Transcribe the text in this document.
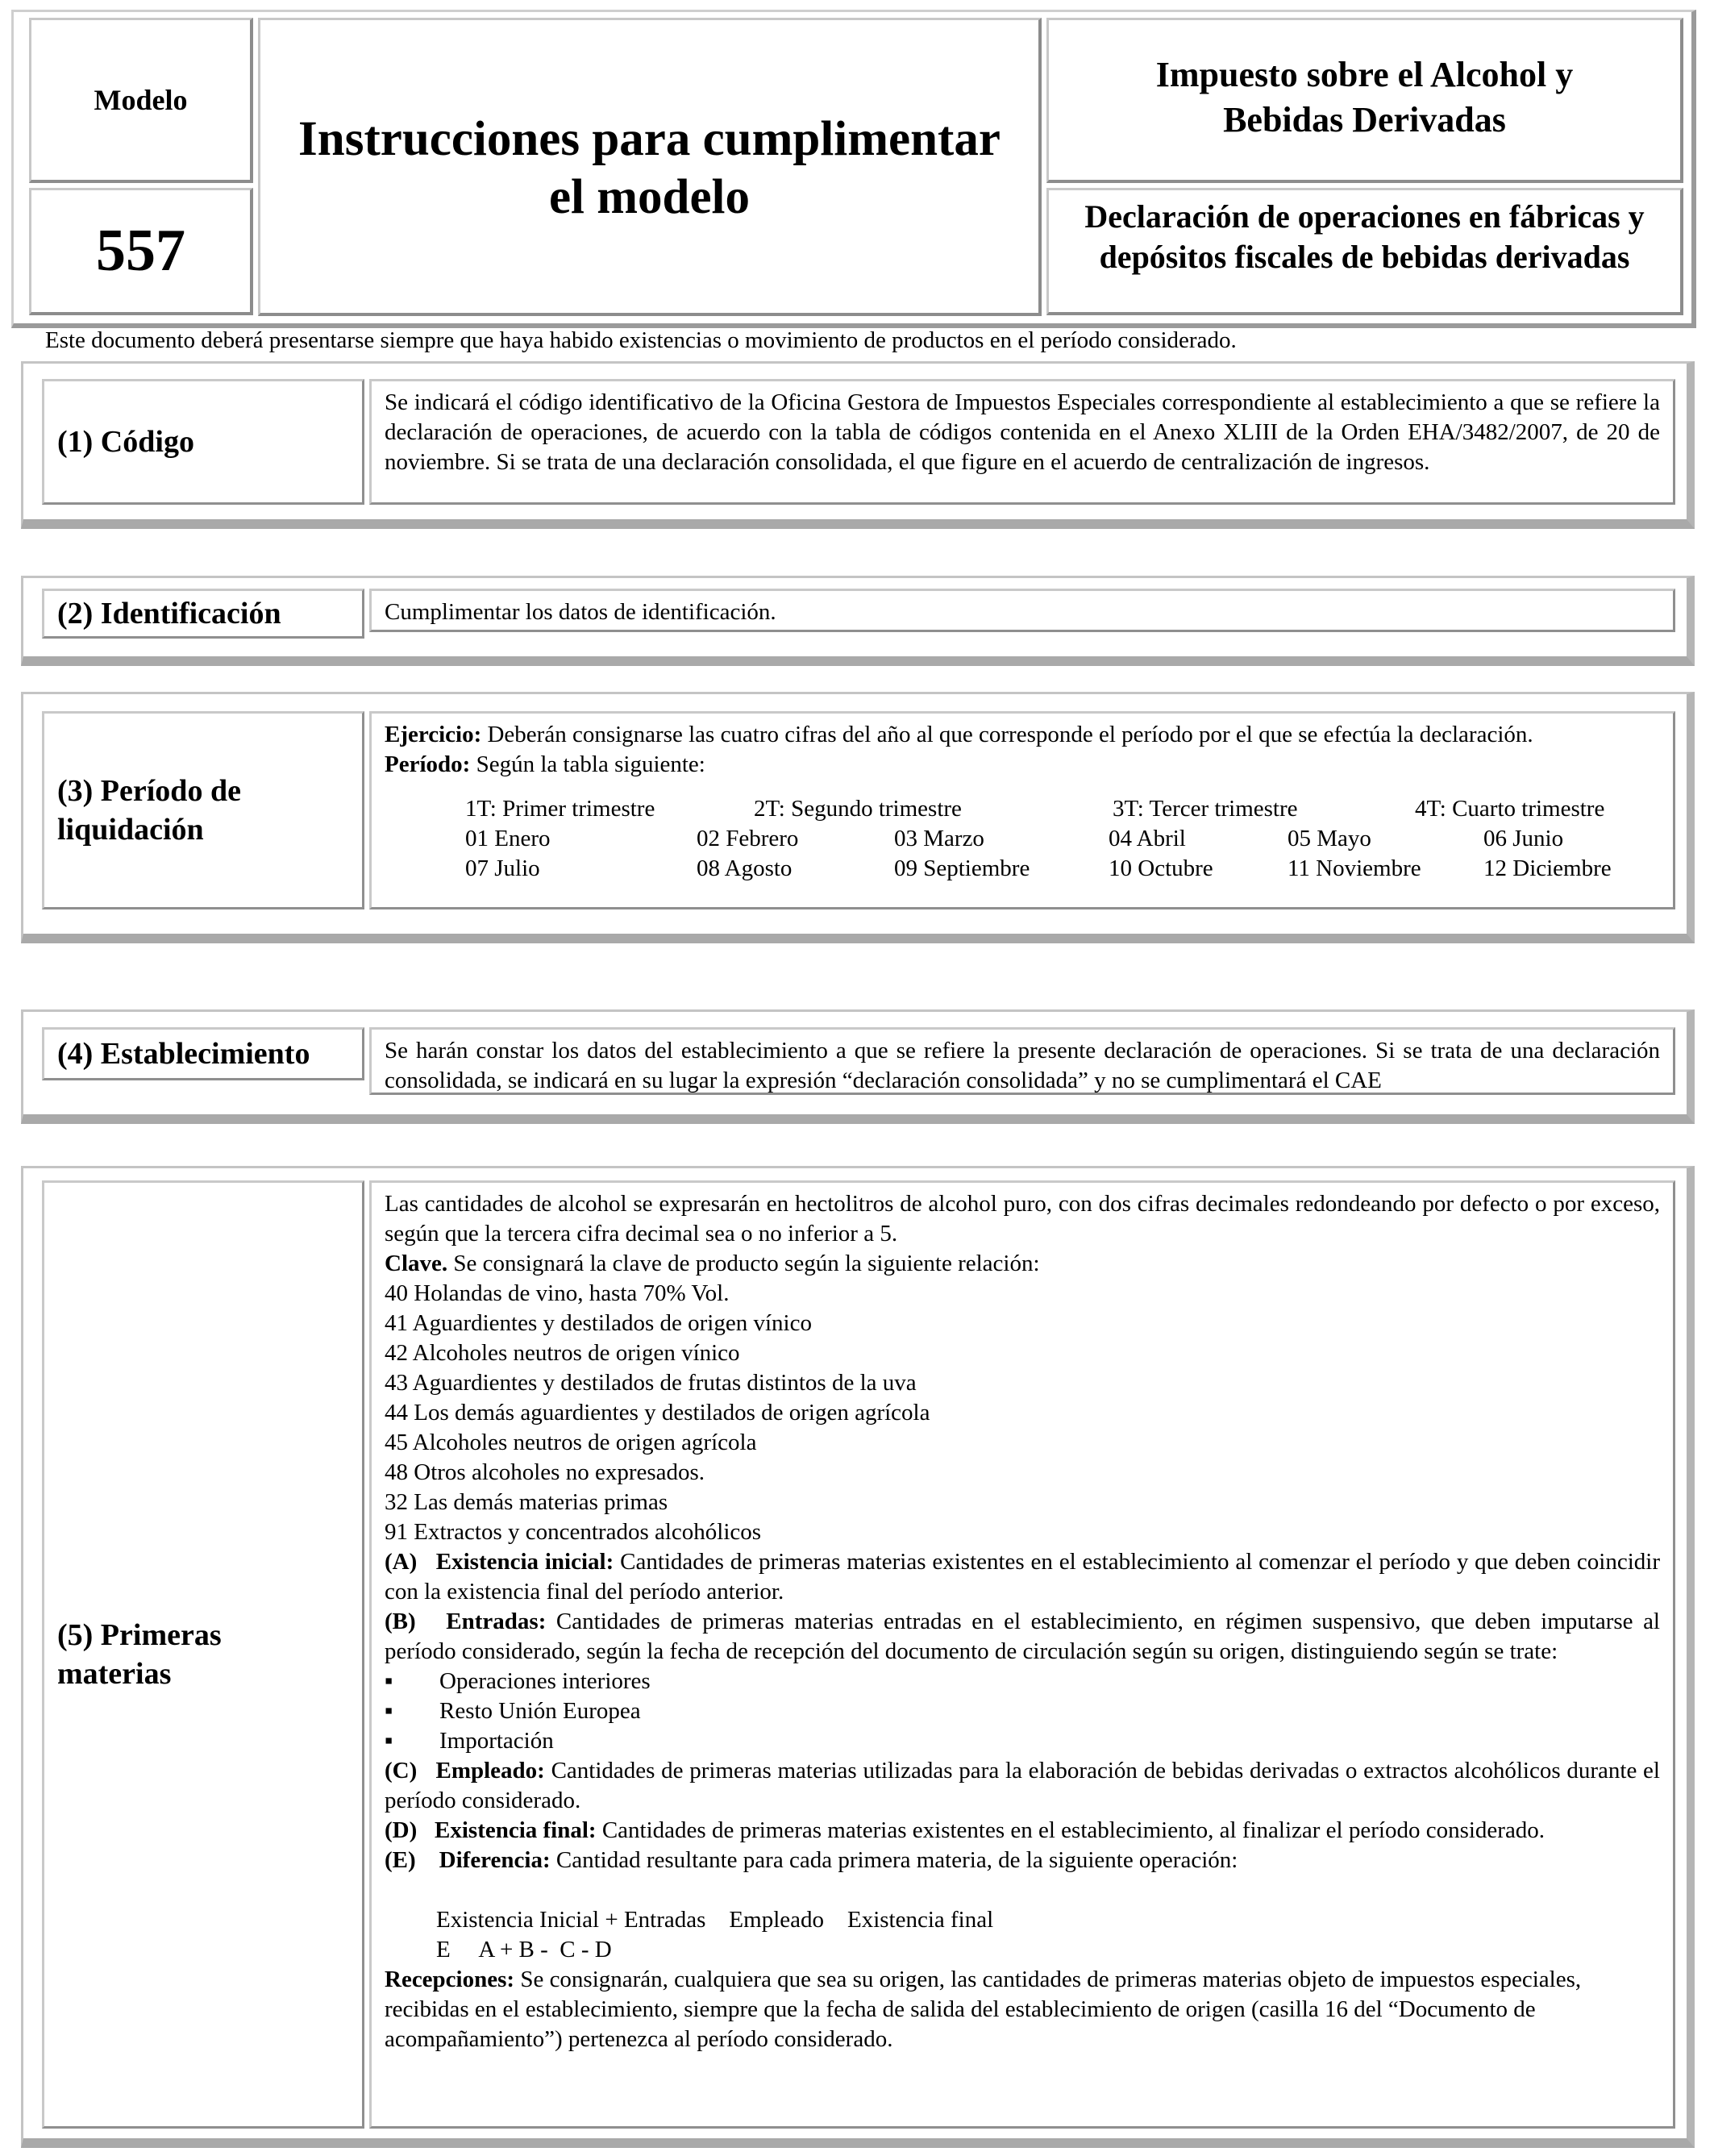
Modelo
557
Instrucciones para cumplimentar el modelo
Impuesto sobre el Alcohol y Bebidas Derivadas
Declaración de operaciones en fábricas y depósitos fiscales de bebidas derivadas
Este documento deberá presentarse siempre que haya habido existencias o movimiento de productos en el período considerado.
(1) Código
Se indicará el código identificativo de la Oficina Gestora de Impuestos Especiales correspondiente al establecimiento a que se refiere la declaración de operaciones, de acuerdo con la tabla de códigos contenida en el Anexo XLIII de la Orden EHA/3482/2007, de 20 de noviembre. Si se trata de una declaración consolidada, el que figure en el acuerdo de centralización de ingresos.
(2) Identificación	Cumplimentar los datos de identificación.
(3) Período de
liquidación

Ejercicio: Deberán consignarse las cuatro cifras del año al que corresponde el período por el que se efectúa la declaración.

Período: Según la tabla siguiente:

1T: Primer trimestre	2T: Segundo trimestre	3T: Tercer trimestre	4T: Cuarto trimestre
01 Enero	02 Febrero	03 Marzo	04 Abril	05 Mayo	06 Junio
07 Julio	08 Agosto	09 Septiembre	10 Octubre	11 Noviembre	12 Diciembre
(4) Establecimiento	Se harán constar los datos del establecimiento a que se refiere la presente declaración de operaciones. Si se trata de una declaración consolidada, se indicará en su lugar la expresión “declaración consolidada” y no se cumplimentará el CAE
(5) Primeras
materias

Las cantidades de alcohol se expresarán en hectolitros de alcohol puro, con dos cifras decimales redondeando por defecto o por exceso, según que la tercera cifra decimal sea o no inferior a 5.

Clave. Se consignará la clave de producto según la siguiente relación:

40 Holandas de vino, hasta 70% Vol.

41 Aguardientes y destilados de origen vínico

42 Alcoholes neutros de origen vínico

43 Aguardientes y destilados de frutas distintos de la uva

44 Los demás aguardientes y destilados de origen agrícola

45 Alcoholes neutros de origen agrícola

48 Otros alcoholes no expresados.

32 Las demás materias primas

91 Extractos y concentrados alcohólicos

(A)   Existencia inicial: Cantidades de primeras materias existentes en el establecimiento al comenzar el período y que deben coincidir con la existencia final del período anterior.

(B)   Entradas: Cantidades de primeras materias entradas en el establecimiento, en régimen suspensivo, que deben imputarse al período considerado, según la fecha de recepción del documento de circulación según su origen, distinguiendo según se trate:

▪	Operaciones interiores
▪	Resto Unión Europea
▪	Importación

(C)   Empleado: Cantidades de primeras materias utilizadas para la elaboración de bebidas derivadas o extractos alcohólicos durante el período considerado.

(D)   Existencia final: Cantidades de primeras materias existentes en el establecimiento, al finalizar el período considerado.

(E)    Diferencia: Cantidad resultante para cada primera materia, de la siguiente operación:

Existencia Inicial + Entradas    Empleado    Existencia final

E     A + B -  C - D

Recepciones: Se consignarán, cualquiera que sea su origen, las cantidades de primeras materias objeto de impuestos especiales, recibidas en el establecimiento, siempre que la fecha de salida del establecimiento de origen (casilla 16 del “Documento de acompañamiento”) pertenezca al período considerado.
